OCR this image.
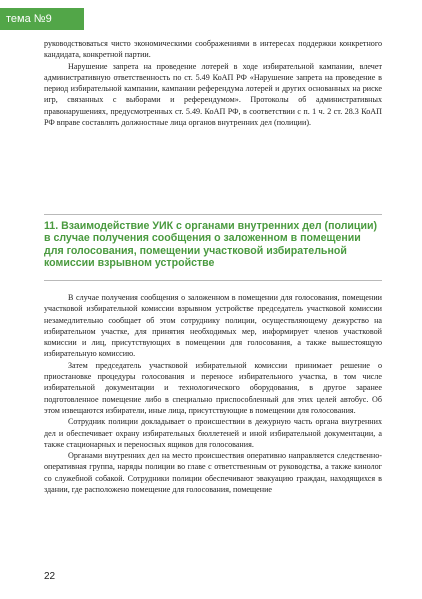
тема №9

руководствоваться чисто экономическими соображениями в интересах поддержки конкретного кандидата, конкретной партии.

Нарушение запрета на проведение лотерей в ходе избирательной кампании, влечет административную ответственность по ст. 5.49 КоАП РФ «Нарушение запрета на проведение в период избирательной кампании, кампании референдума лотерей и других основанных на риске игр, связанных с выборами и референдумом». Протоколы об административных правонарушениях, предусмотренных ст. 5.49. КоАП РФ, в соответствии с п. 1 ч. 2 ст. 28.3 КоАП РФ вправе составлять должностные лица органов внутренних дел (полиции).

11. Взаимодействие УИК с органами внутренних дел (полиции) в случае получения сообщения о заложенном в помещении для голосования, помещении участковой избирательной комиссии взрывном устройстве

В случае получения сообщения о заложенном в помещении для голосования, помещении участковой избирательной комиссии взрывном устройстве председатель участковой комиссии незамедлительно сообщает об этом сотруднику полиции, осуществляющему дежурство на избирательном участке, для принятия необходимых мер, информирует членов участковой комиссии и лиц, присутствующих в помещении для голосования, а также вышестоящую избирательную комиссию.

Затем председатель участковой избирательной комиссии принимает решение о приостановке процедуры голосования и переносе избирательного участка, в том числе избирательной документации и технологического оборудования, в другое заранее подготовленное помещение либо в специально приспособленный для этих целей автобус. Об этом извещаются избиратели, иные лица, присутствующие в помещении для голосования.

Сотрудник полиции докладывает о происшествии в дежурную часть органа внутренних дел и обеспечивает охрану избирательных бюллетеней и иной избирательной документации, а также стационарных и переносных ящиков для голосования.

Органами внутренних дел на место происшествия оперативно направляется следственно-оперативная группа, наряды полиции во главе с ответственным от руководства, а также кинолог со служебной собакой. Сотрудники полиции обеспечивают эвакуацию граждан, находящихся в здании, где расположено помещение для голосования, помещение

22
